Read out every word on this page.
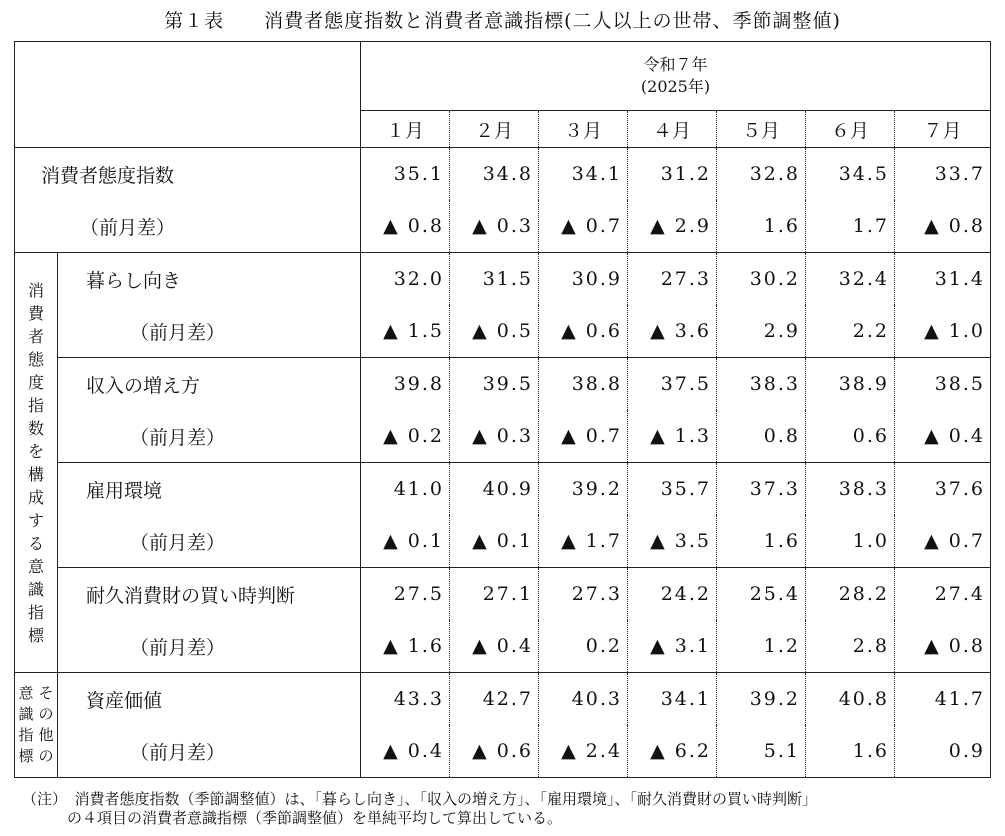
第１表　　消費者態度指数と消費者意識指標(二人以上の世帯、季節調整値)

		令和７年
(2025年)						

		１月	２月	３月	４月	５月	６月	７月
消費者態度指数		35.1	34.8	34.1	31.2	32.8	34.5	33.7
（前月差）		▲ 0.8	▲ 0.3	▲ 0.7	▲ 2.9	1.6	1.7	▲ 0.8
消費者態度指数を構成する意識指標	暮らし向き	32.0	31.5	30.9	27.3	30.2	32.4	31.4
	（前月差）	▲ 1.5	▲ 0.5	▲ 0.6	▲ 3.6	2.9	2.2	▲ 1.0
	収入の増え方	39.8	39.5	38.8	37.5	38.3	38.9	38.5
	（前月差）	▲ 0.2	▲ 0.3	▲ 0.7	▲ 1.3	0.8	0.6	▲ 0.4
	雇用環境	41.0	40.9	39.2	35.7	37.3	38.3	37.6
	（前月差）	▲ 0.1	▲ 0.1	▲ 1.7	▲ 3.5	1.6	1.0	▲ 0.7
	耐久消費財の買い時判断	27.5	27.1	27.3	24.2	25.4	28.2	27.4
	（前月差）	▲ 1.6	▲ 0.4	0.2	▲ 3.1	1.2	2.8	▲ 0.8

その他の
意識指標	資産価値	43.3	42.7	40.3	34.1	39.2	40.8	41.7
	（前月差）	▲ 0.4	▲ 0.6	▲ 2.4	▲ 6.2	5.1	1.6	0.9
（注）　消費者態度指数（季節調整値）は、「暮らし向き」、「収入の増え方」、「雇用環境」、「耐久消費財の買い時判断」
の４項目の消費者意識指標（季節調整値）を単純平均して算出している。
